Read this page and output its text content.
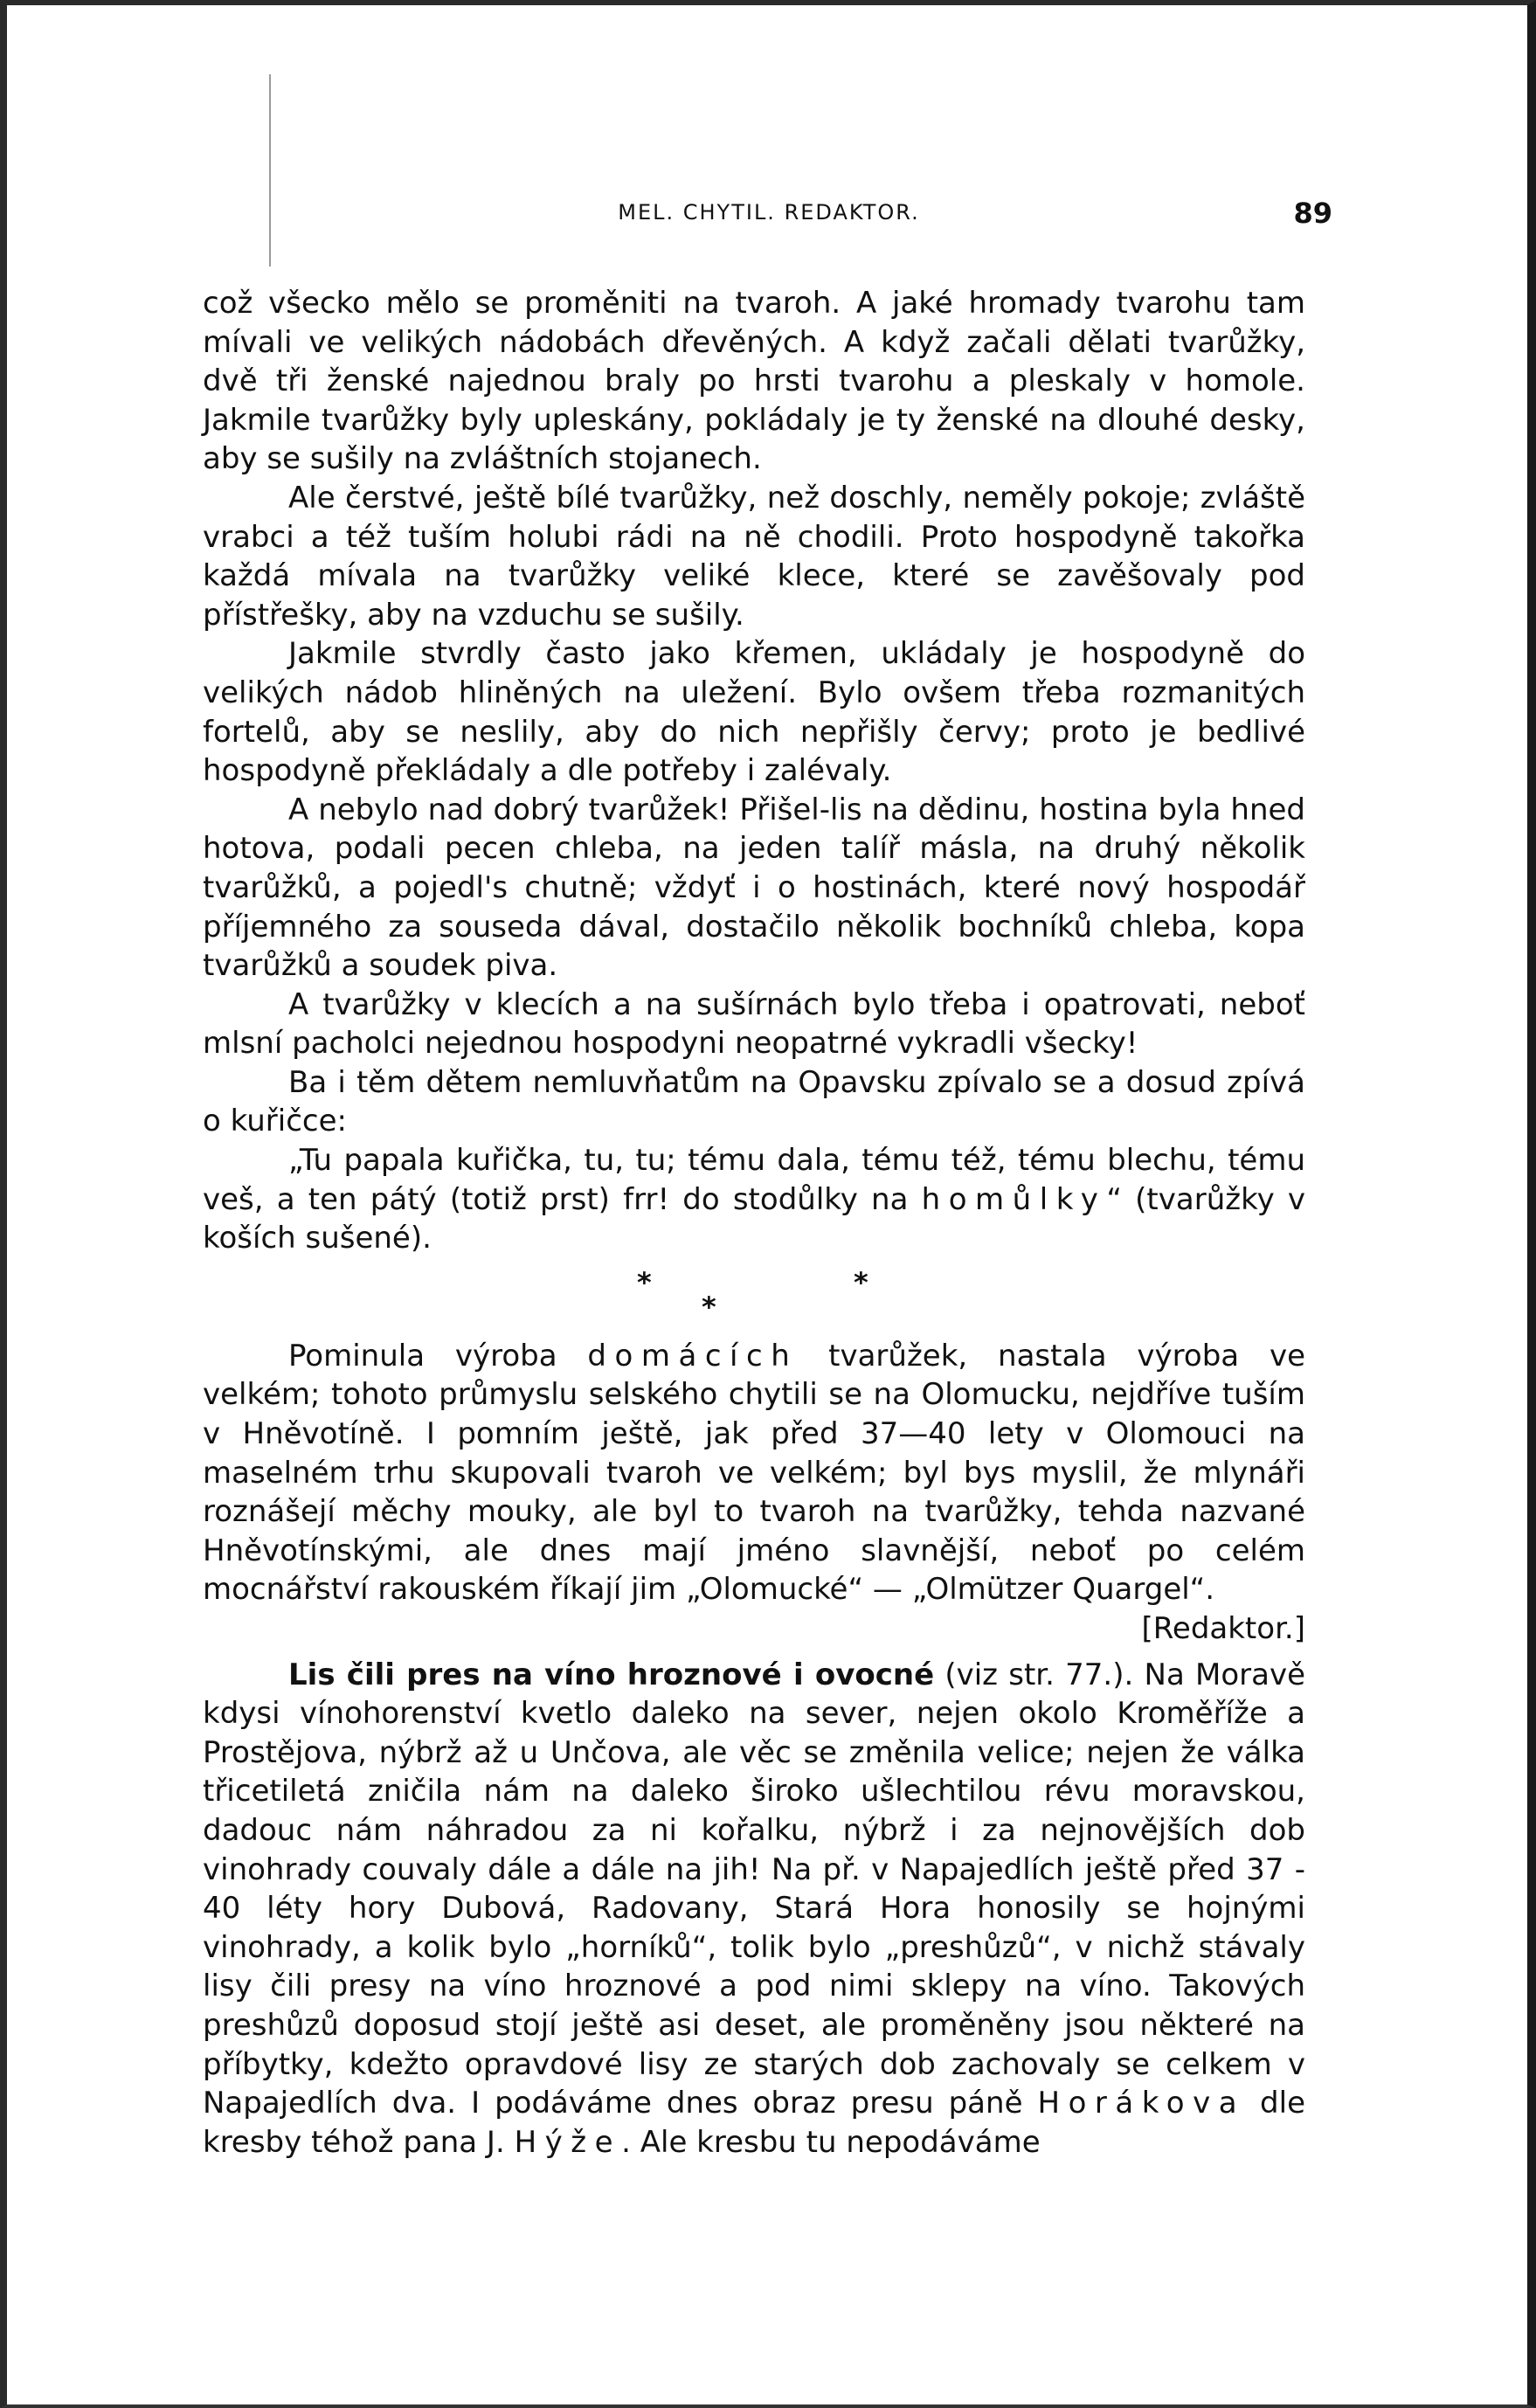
MEL. CHYTIL. REDAKTOR.	89

což všecko mělo se proměniti na tvaroh. A jaké hromady tvarohu tam mívali ve velikých nádobách dřevěných. A když začali dělati tvarůžky, dvě tři ženské najednou braly po hrsti tvarohu a pleskaly v homole. Jakmile tvarůžky byly upleskány, pokládaly je ty ženské na dlouhé desky, aby se sušily na zvláštních stojanech.

Ale čerstvé, ještě bílé tvarůžky, než doschly, neměly pokoje; zvláště vrabci a též tuším holubi rádi na ně chodili. Proto hospodyně takořka každá mívala na tvarůžky veliké klece, které se zavěšovaly pod přístřešky, aby na vzduchu se sušily.

Jakmile stvrdly často jako křemen, ukládaly je hospodyně do velikých nádob hliněných na uležení. Bylo ovšem třeba rozmanitých fortelů, aby se neslily, aby do nich nepřišly červy; proto je bedlivé hospodyně překládaly a dle potřeby i zalévaly.

A nebylo nad dobrý tvarůžek! Přišel-lis na dědinu, hostina byla hned hotova, podali pecen chleba, na jeden talíř másla, na druhý několik tvarůžků, a pojedl's chutně; vždyť i o hostinách, které nový hospodář příjemného za souseda dával, dostačilo několik bochníků chleba, kopa tvarůžků a soudek piva.

A tvarůžky v klecích a na sušírnách bylo třeba i opatrovati, neboť mlsní pacholci nejednou hospodyni neopatrné vykradli všecky!

Ba i těm dětem nemluvňatům na Opavsku zpívalo se a dosud zpívá o kuřičce:

„Tu papala kuřička, tu, tu; tému dala, tému též, tému blechu, tému veš, a ten pátý (totiž prst) frr! do stodůlky na homůlky“ (tvarůžky v koších sušené).

*
*
*

Pominula výroba domácích tvarůžek, nastala výroba ve velkém; tohoto průmyslu selského chytili se na Olomucku, nejdříve tuším v Hněvotíně. I pomním ještě, jak před 37—40 lety v Olomouci na maselném trhu skupovali tvaroh ve velkém; byl bys myslil, že mlynáři roznášejí měchy mouky, ale byl to tvaroh na tvarůžky, tehda nazvané Hněvotínskými, ale dnes mají jméno slavnější, neboť po celém mocnářství rakouském říkají jim „Olomucké“ — „Olmützer Quargel“.
[Redaktor.]

Lis čili pres na víno hroznové i ovocné (viz str. 77.). Na Moravě kdysi vínohorenství kvetlo daleko na sever, nejen okolo Kroměříže a Prostějova, nýbrž až u Unčova, ale věc se změnila velice; nejen že válka třicetiletá zničila nám na daleko široko ušlechtilou révu moravskou, dadouc nám náhradou za ni kořalku, nýbrž i za nejnovějších dob vinohrady couvaly dále a dále na jih! Na př. v Napajedlích ještě před 37 - 40 léty hory Dubová, Radovany, Stará Hora honosily se hojnými vinohrady, a kolik bylo „horníků“, tolik bylo „preshůzů“, v nichž stávaly lisy čili presy na víno hroznové a pod nimi sklepy na víno. Takových preshůzů doposud stojí ještě asi deset, ale proměněny jsou některé na příbytky, kdežto opravdové lisy ze starých dob zachovaly se celkem v Napajedlích dva. I podáváme dnes obraz presu páně Horákova dle kresby téhož pana J. Hýže. Ale kresbu tu nepodáváme
